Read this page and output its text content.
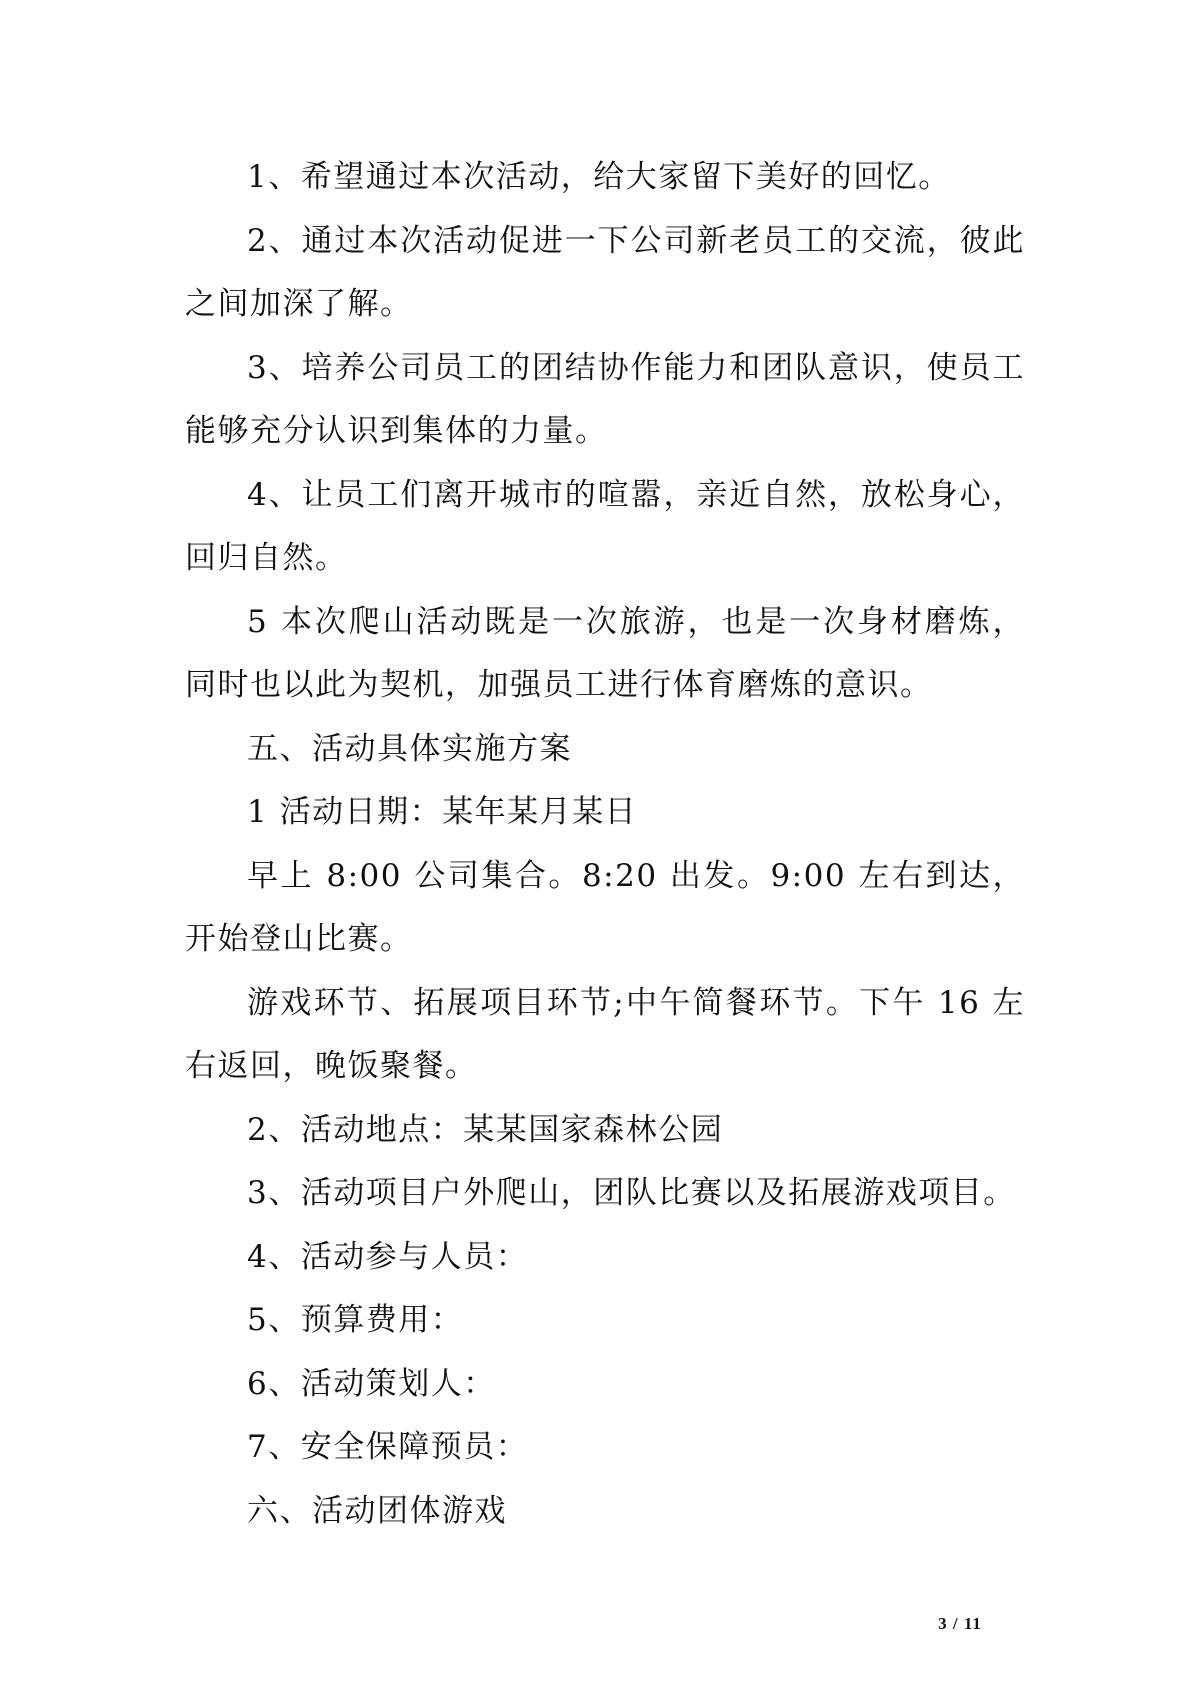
1、希望通过本次活动，给大家留下美好的回忆。

2、通过本次活动促进一下公司新老员工的交流，彼此之间加深了解。

3、培养公司员工的团结协作能力和团队意识，使员工能够充分认识到集体的力量。

4、让员工们离开城市的喧嚣，亲近自然，放松身心，回归自然。

5 本次爬山活动既是一次旅游，也是一次身材磨炼，同时也以此为契机，加强员工进行体育磨炼的意识。

五、活动具体实施方案

1 活动日期：某年某月某日

早上 8:00 公司集合。8:20 出发。9:00 左右到达，开始登山比赛。

游戏环节、拓展项目环节;中午简餐环节。下午 16 左右返回，晚饭聚餐。

2、活动地点：某某国家森林公园

3、活动项目户外爬山，团队比赛以及拓展游戏项目。

4、活动参与人员：

5、预算费用：

6、活动策划人：

7、安全保障预员：

六、活动团体游戏

3 / 11
